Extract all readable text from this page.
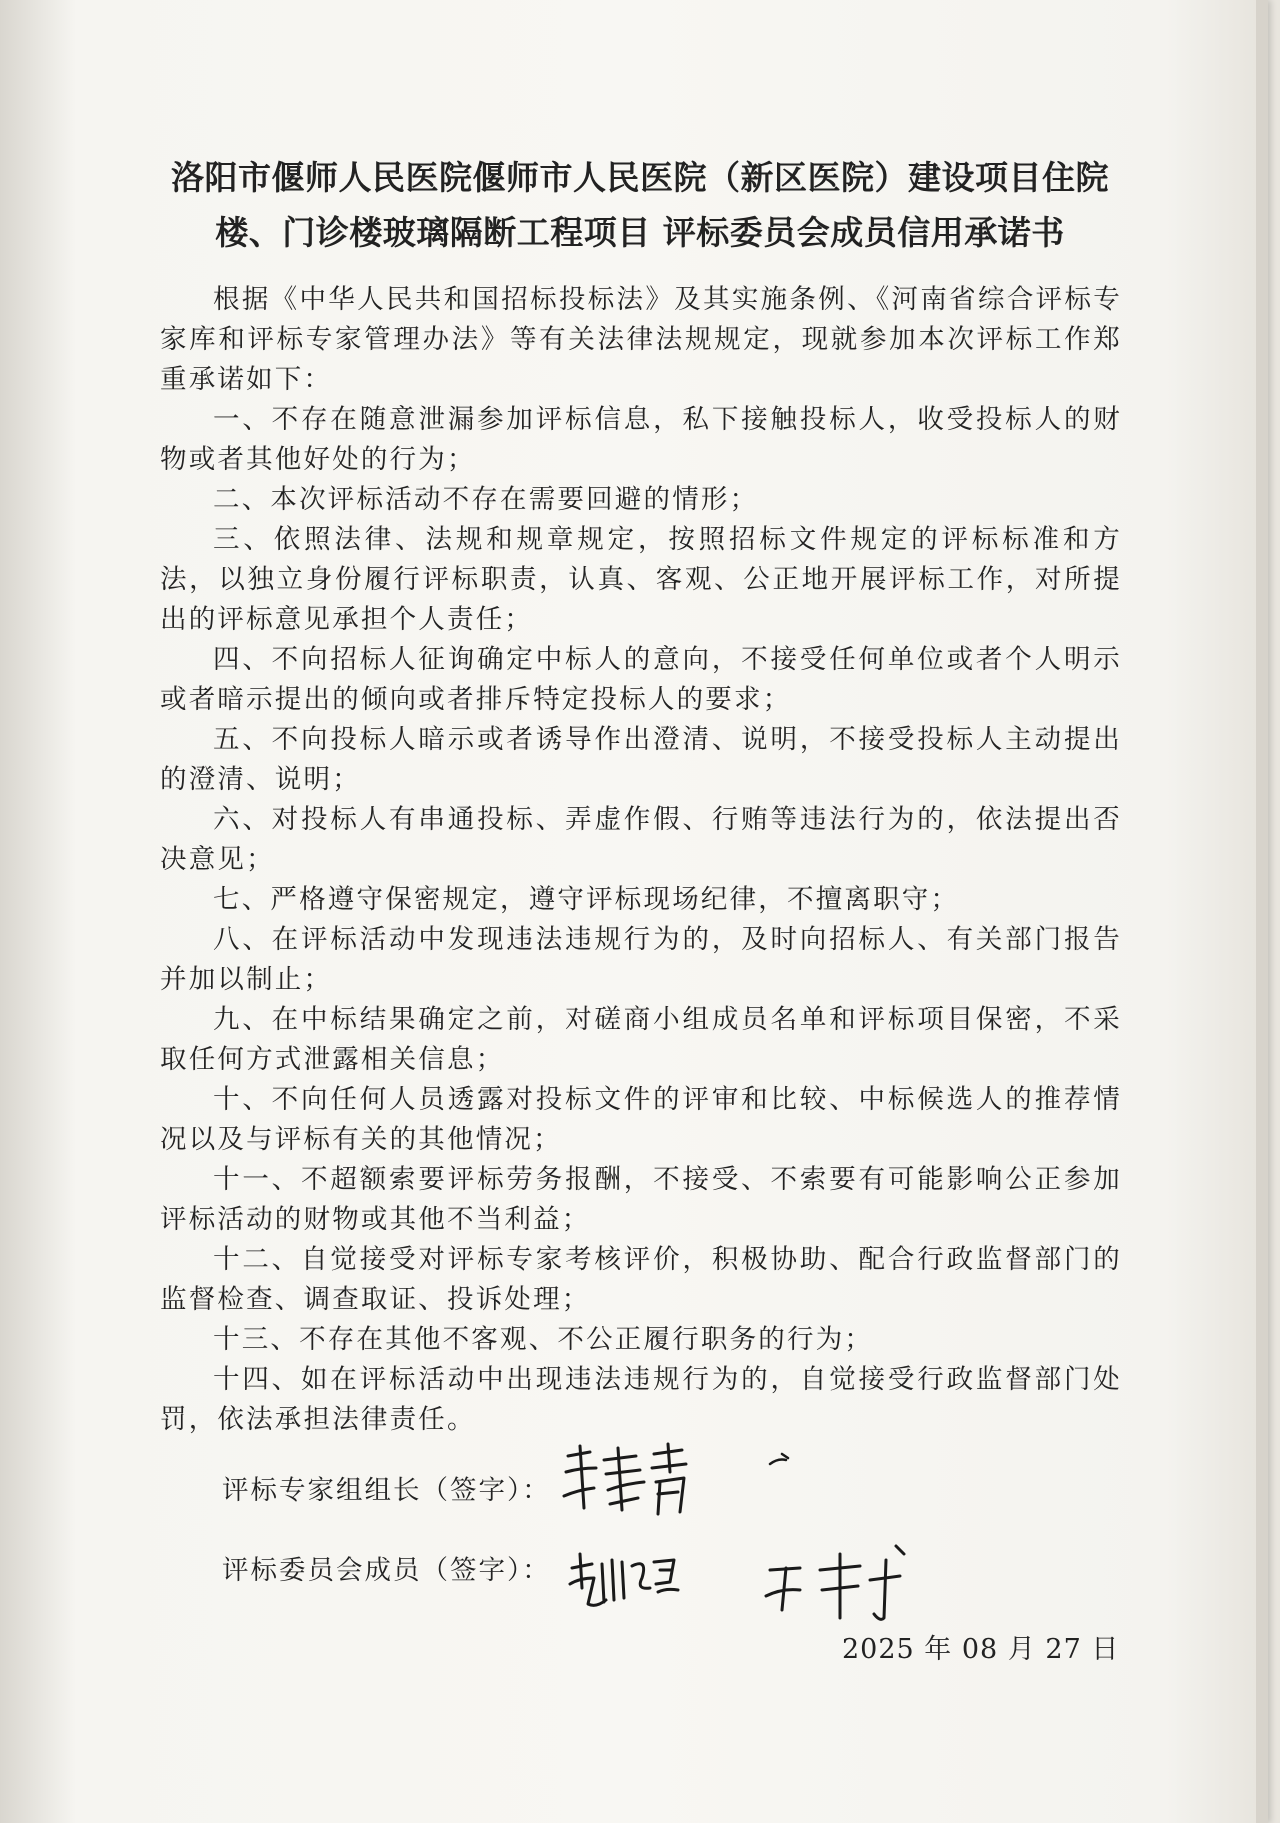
洛阳市偃师人民医院偃师市人民医院（新区医院）建设项目住院
楼、门诊楼玻璃隔断工程项目 评标委员会成员信用承诺书

根据《中华人民共和国招标投标法》及其实施条例、《河南省综合评标专家库和评标专家管理办法》等有关法律法规规定，现就参加本次评标工作郑重承诺如下：

一、不存在随意泄漏参加评标信息，私下接触投标人，收受投标人的财物或者其他好处的行为；

二、本次评标活动不存在需要回避的情形；

三、依照法律、法规和规章规定，按照招标文件规定的评标标准和方法，以独立身份履行评标职责，认真、客观、公正地开展评标工作，对所提出的评标意见承担个人责任；

四、不向招标人征询确定中标人的意向，不接受任何单位或者个人明示或者暗示提出的倾向或者排斥特定投标人的要求；

五、不向投标人暗示或者诱导作出澄清、说明，不接受投标人主动提出的澄清、说明；

六、对投标人有串通投标、弄虚作假、行贿等违法行为的，依法提出否决意见；

七、严格遵守保密规定，遵守评标现场纪律，不擅离职守；

八、在评标活动中发现违法违规行为的，及时向招标人、有关部门报告并加以制止；

九、在中标结果确定之前，对磋商小组成员名单和评标项目保密，不采取任何方式泄露相关信息；

十、不向任何人员透露对投标文件的评审和比较、中标候选人的推荐情况以及与评标有关的其他情况；

十一、不超额索要评标劳务报酬，不接受、不索要有可能影响公正参加评标活动的财物或其他不当利益；

十二、自觉接受对评标专家考核评价，积极协助、配合行政监督部门的监督检查、调查取证、投诉处理；

十三、不存在其他不客观、不公正履行职务的行为；

十四、如在评标活动中出现违法违规行为的，自觉接受行政监督部门处罚，依法承担法律责任。

评标专家组组长（签字）：
评标委员会成员（签字）：
2025 年 08 月 27 日
